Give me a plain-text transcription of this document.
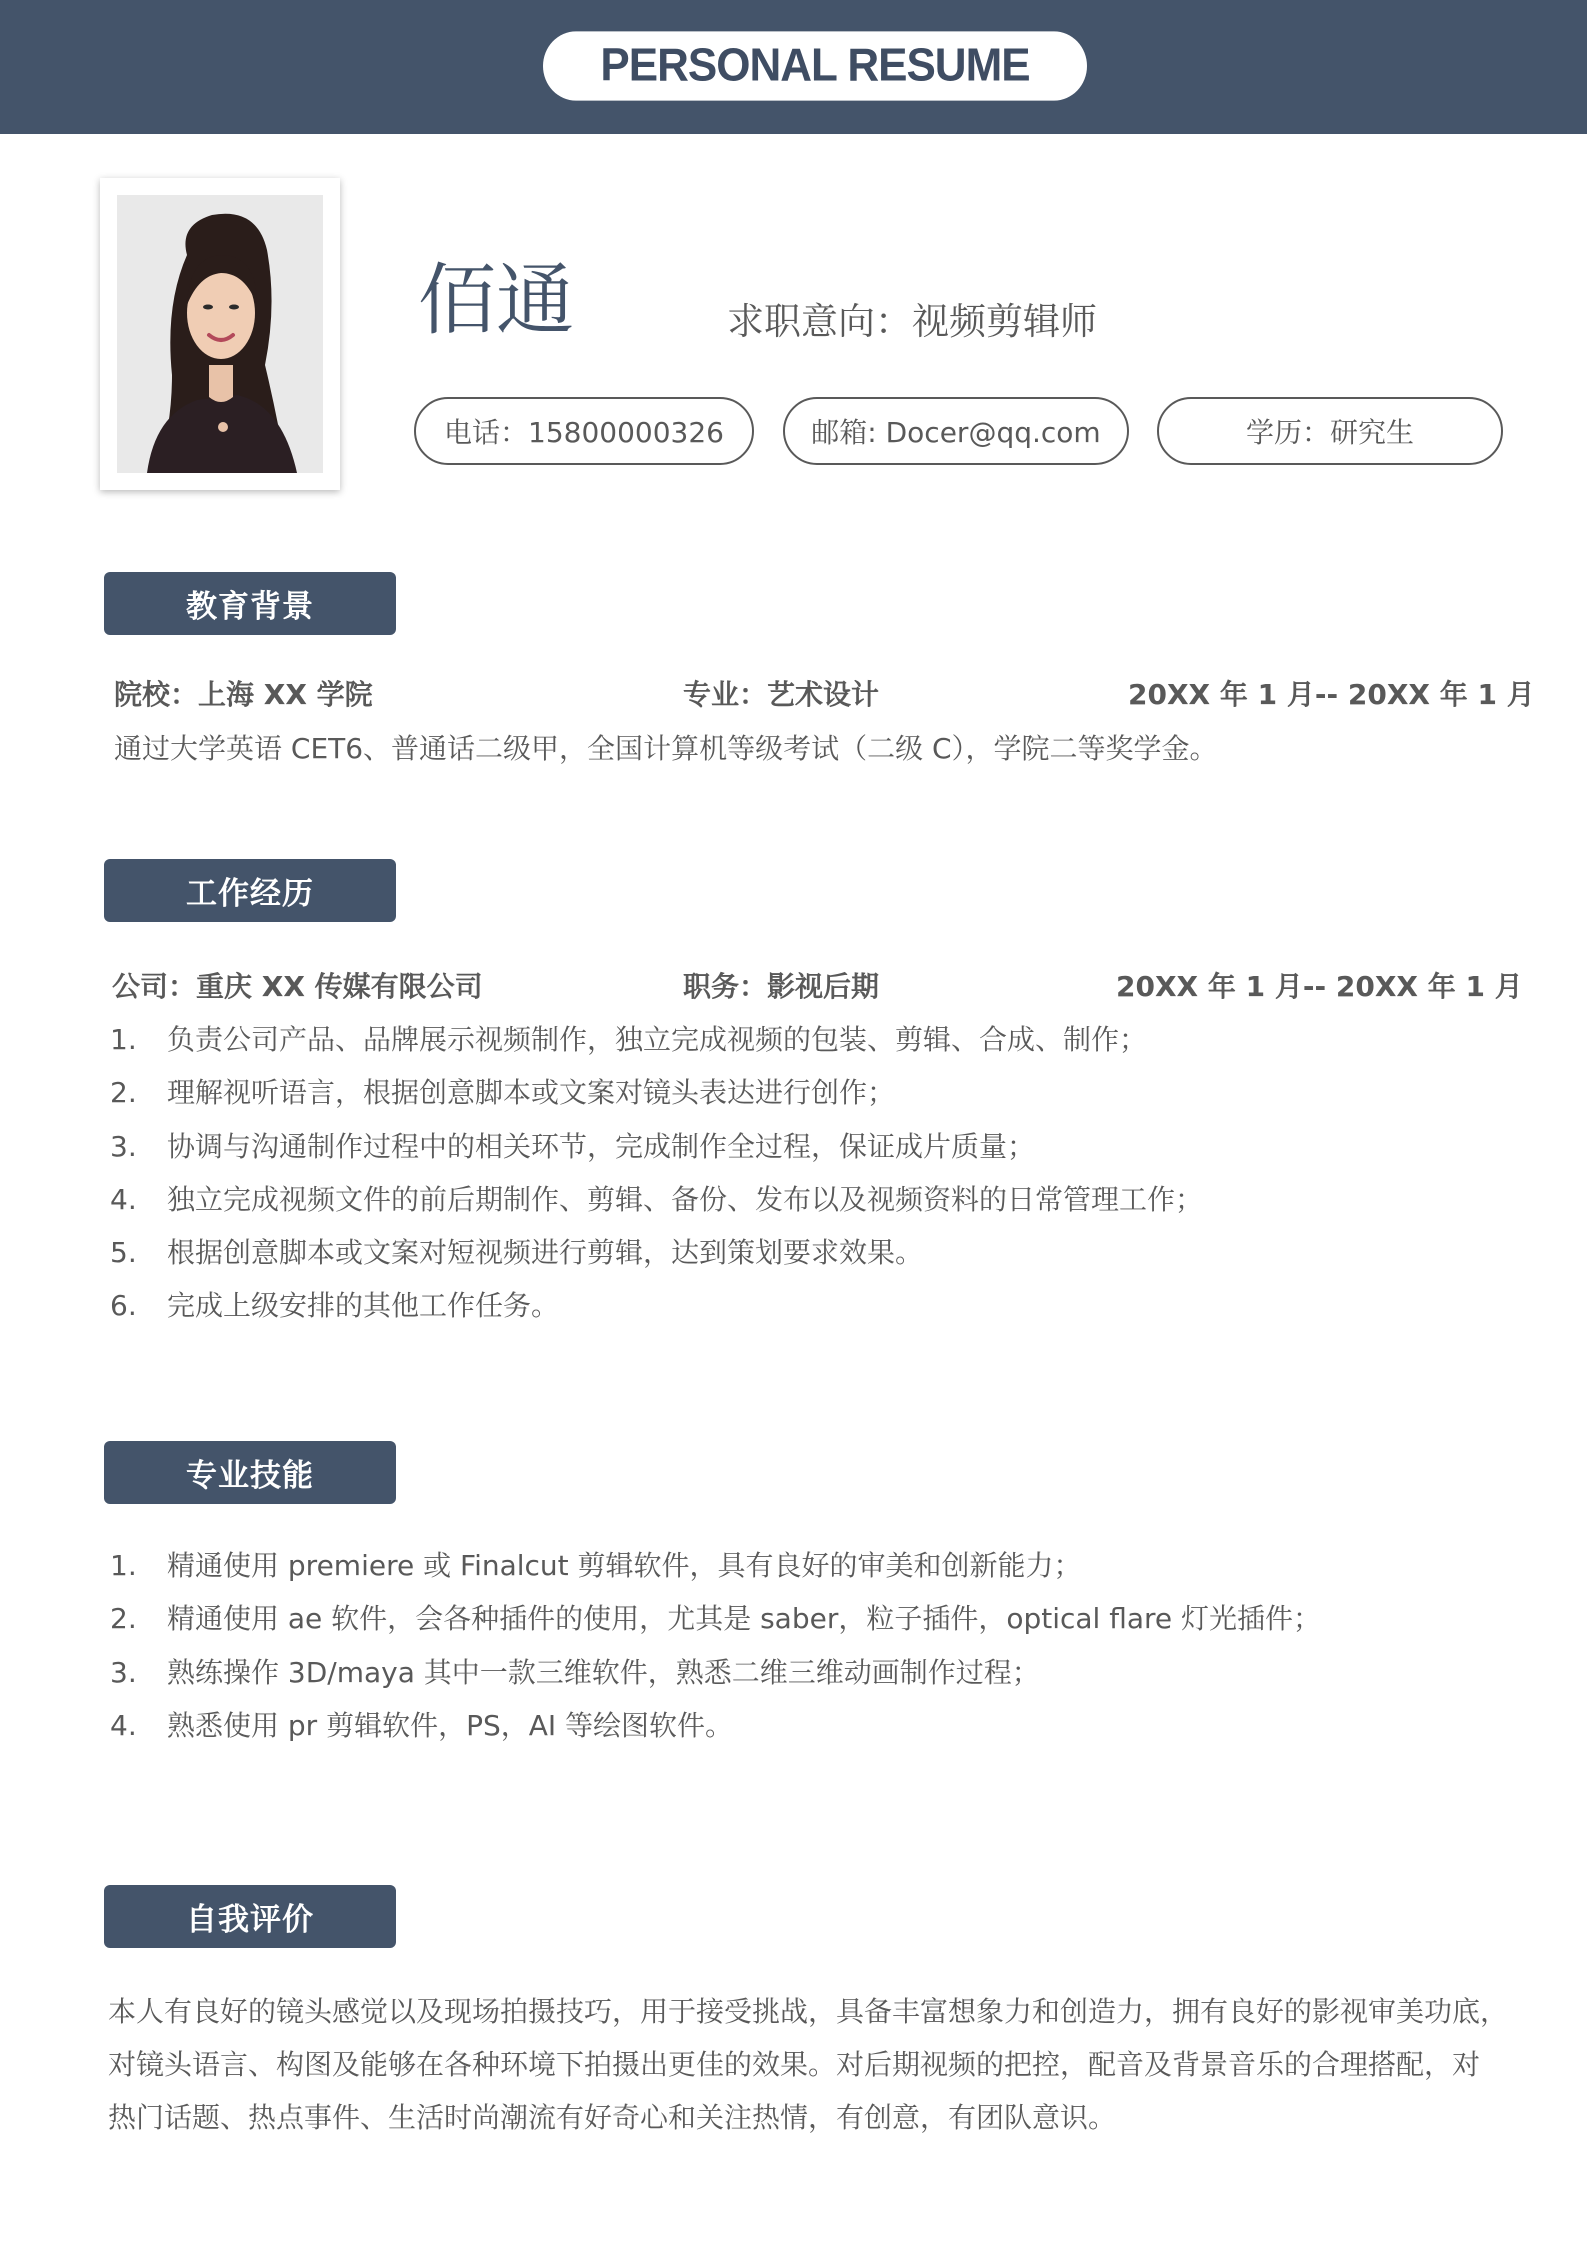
PERSONAL RESUME
佰通	求职意向：视频剪辑师
电话：15800000326	邮箱: Docer@qq.com	学历：研究生
教育背景
院校：上海 XX 学院	专业：艺术设计	20XX 年 1 月-- 20XX 年 1 月
通过大学英语 CET6、普通话二级甲，全国计算机等级考试（二级 C），学院二等奖学金。
工作经历
公司：重庆 XX 传媒有限公司	职务：影视后期	20XX 年 1 月-- 20XX 年 1 月
1.	负责公司产品、品牌展示视频制作，独立完成视频的包装、剪辑、合成、制作；
2.	理解视听语言，根据创意脚本或文案对镜头表达进行创作；
3.	协调与沟通制作过程中的相关环节，完成制作全过程，保证成片质量；
4.	独立完成视频文件的前后期制作、剪辑、备份、发布以及视频资料的日常管理工作；
5.	根据创意脚本或文案对短视频进行剪辑，达到策划要求效果。
6.	完成上级安排的其他工作任务。
专业技能
1.	精通使用 premiere 或 Finalcut 剪辑软件，具有良好的审美和创新能力；
2.	精通使用 ae 软件，会各种插件的使用，尤其是 saber，粒子插件，optical flare 灯光插件；
3.	熟练操作 3D/maya 其中一款三维软件，熟悉二维三维动画制作过程；
4.	熟悉使用 pr 剪辑软件，PS，AI 等绘图软件。
自我评价
本人有良好的镜头感觉以及现场拍摄技巧，用于接受挑战，具备丰富想象力和创造力，拥有良好的影视审美功底，
对镜头语言、构图及能够在各种环境下拍摄出更佳的效果。对后期视频的把控，配音及背景音乐的合理搭配，对
热门话题、热点事件、生活时尚潮流有好奇心和关注热情，有创意，有团队意识。
